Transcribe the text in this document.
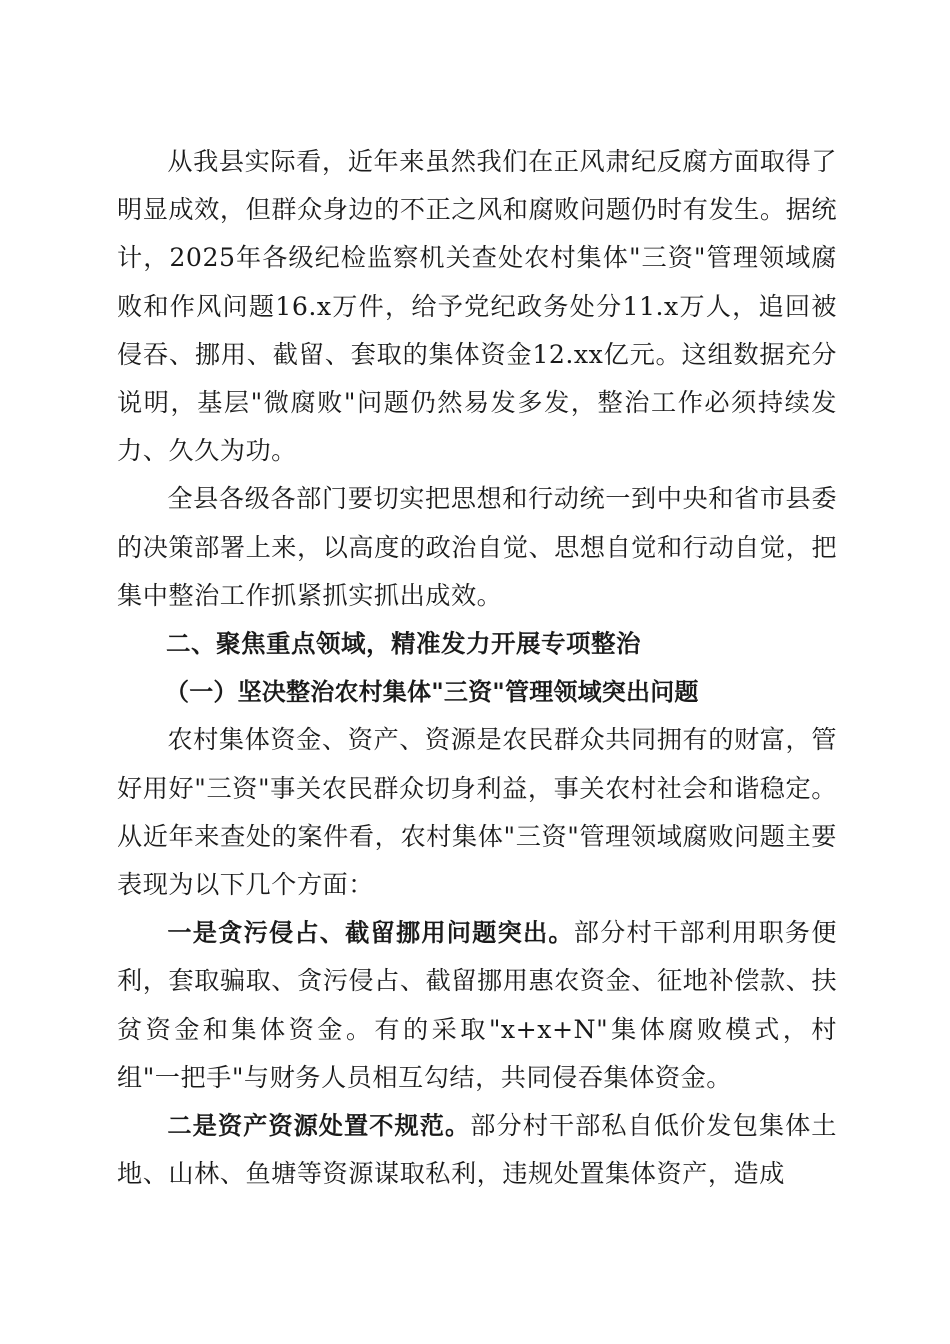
从我县实际看，近年来虽然我们在正风肃纪反腐方面取得了明显成效，但群众身边的不正之风和腐败问题仍时有发生。据统计，2025年各级纪检监察机关查处农村集体"三资"管理领域腐败和作风问题16.x万件，给予党纪政务处分11.x万人，追回被侵吞、挪用、截留、套取的集体资金12.xx亿元。这组数据充分说明，基层"微腐败"问题仍然易发多发，整治工作必须持续发力、久久为功。

全县各级各部门要切实把思想和行动统一到中央和省市县委的决策部署上来，以高度的政治自觉、思想自觉和行动自觉，把集中整治工作抓紧抓实抓出成效。

二、聚焦重点领域，精准发力开展专项整治

（一）坚决整治农村集体"三资"管理领域突出问题

农村集体资金、资产、资源是农民群众共同拥有的财富，管好用好"三资"事关农民群众切身利益，事关农村社会和谐稳定。从近年来查处的案件看，农村集体"三资"管理领域腐败问题主要表现为以下几个方面：

一是贪污侵占、截留挪用问题突出。部分村干部利用职务便利，套取骗取、贪污侵占、截留挪用惠农资金、征地补偿款、扶贫资金和集体资金。有的采取"x+x+N"集体腐败模式，村组"一把手"与财务人员相互勾结，共同侵吞集体资金。

二是资产资源处置不规范。部分村干部私自低价发包集体土地、山林、鱼塘等资源谋取私利，违规处置集体资产，造成
